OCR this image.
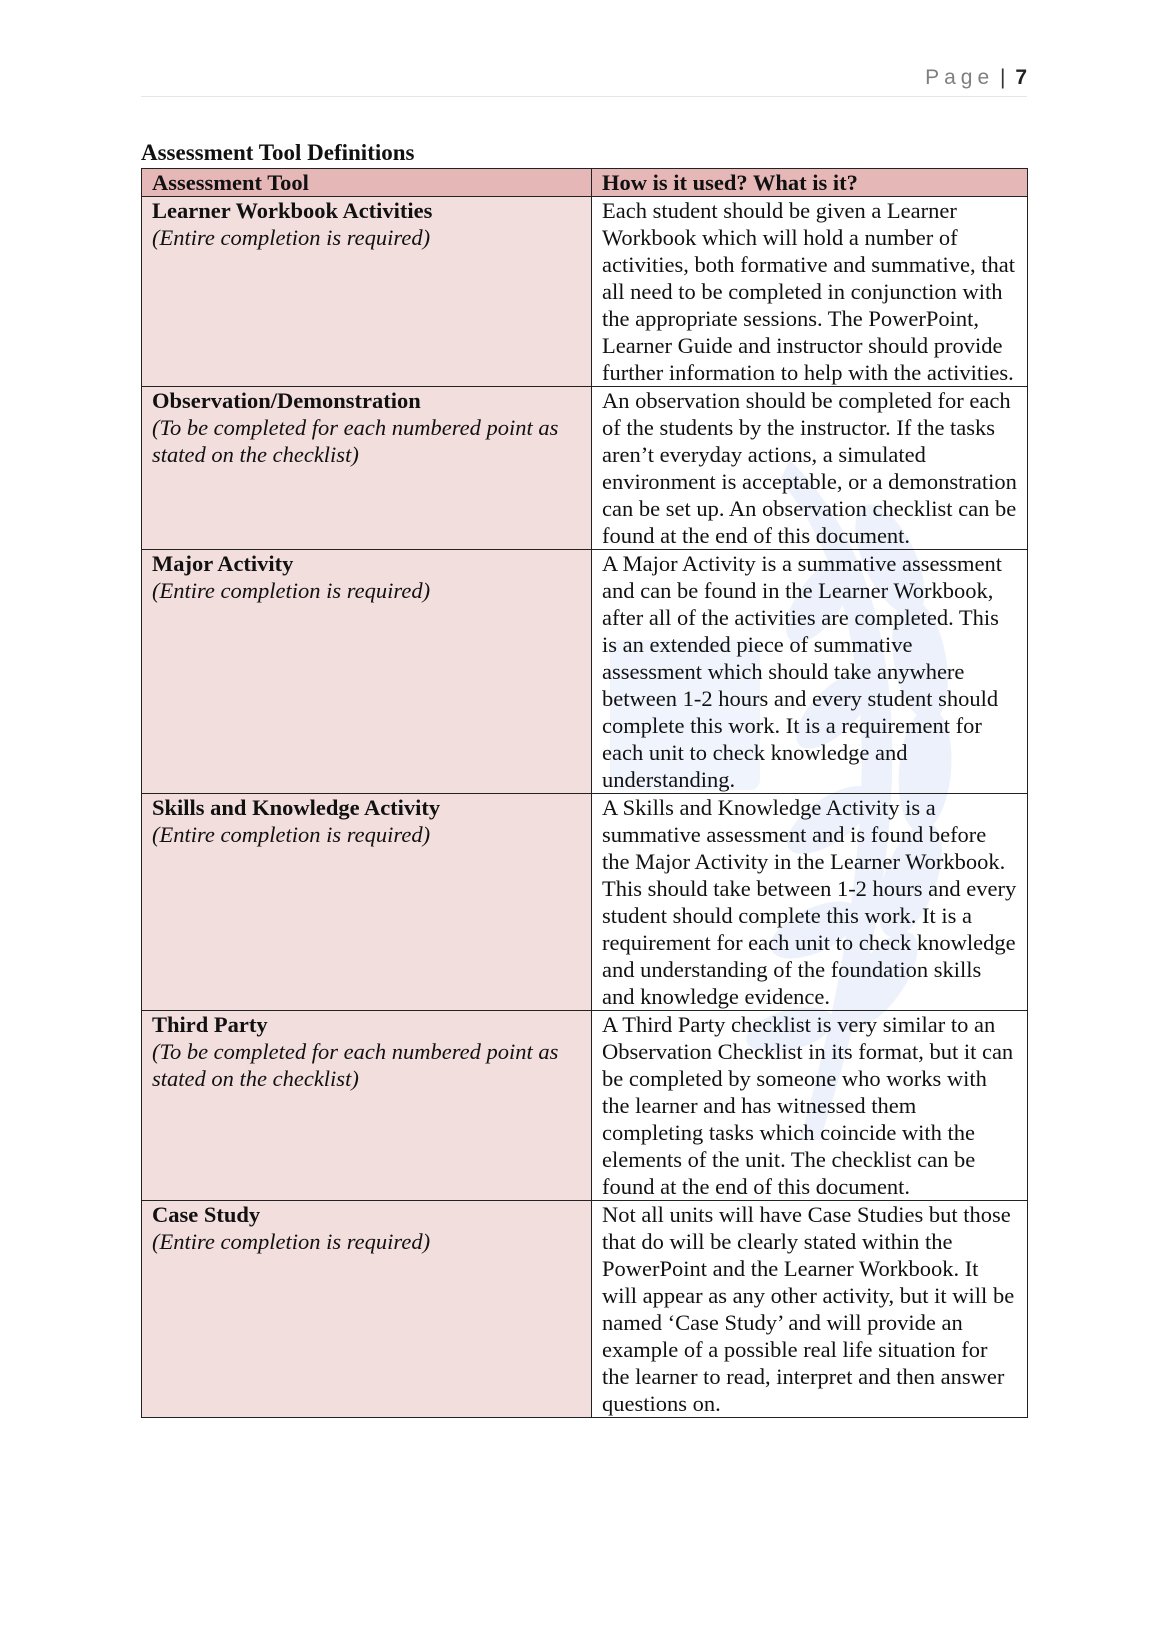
Page | 7
Assessment Tool Definitions
Assessment Tool	How is it used? What is it?

Learner Workbook Activities
(Entire completion is required)	Each student should be given a Learner Workbook which will hold a number of activities, both formative and summative, that all need to be completed in conjunction with the appropriate sessions. The PowerPoint, Learner Guide and instructor should provide further information to help with the activities.

Observation/Demonstration
(To be completed for each numbered point as stated on the checklist)	An observation should be completed for each of the students by the instructor. If the tasks aren’t everyday actions, a simulated environment is acceptable, or a demonstration can be set up. An observation checklist can be found at the end of this document.

Major Activity
(Entire completion is required)	A Major Activity is a summative assessment and can be found in the Learner Workbook, after all of the activities are completed. This is an extended piece of summative assessment which should take anywhere between 1-2 hours and every student should complete this work. It is a requirement for each unit to check knowledge and understanding.

Skills and Knowledge Activity
(Entire completion is required)	A Skills and Knowledge Activity is a summative assessment and is found before the Major Activity in the Learner Workbook. This should take between 1-2 hours and every student should complete this work. It is a requirement for each unit to check knowledge and understanding of the foundation skills and knowledge evidence.

Third Party
(To be completed for each numbered point as stated on the checklist)	A Third Party checklist is very similar to an Observation Checklist in its format, but it can be completed by someone who works with the learner and has witnessed them completing tasks which coincide with the elements of the unit. The checklist can be found at the end of this document.

Case Study
(Entire completion is required)	Not all units will have Case Studies but those that do will be clearly stated within the PowerPoint and the Learner Workbook. It will appear as any other activity, but it will be named ‘Case Study’ and will provide an example of a possible real life situation for the learner to read, interpret and then answer questions on.
